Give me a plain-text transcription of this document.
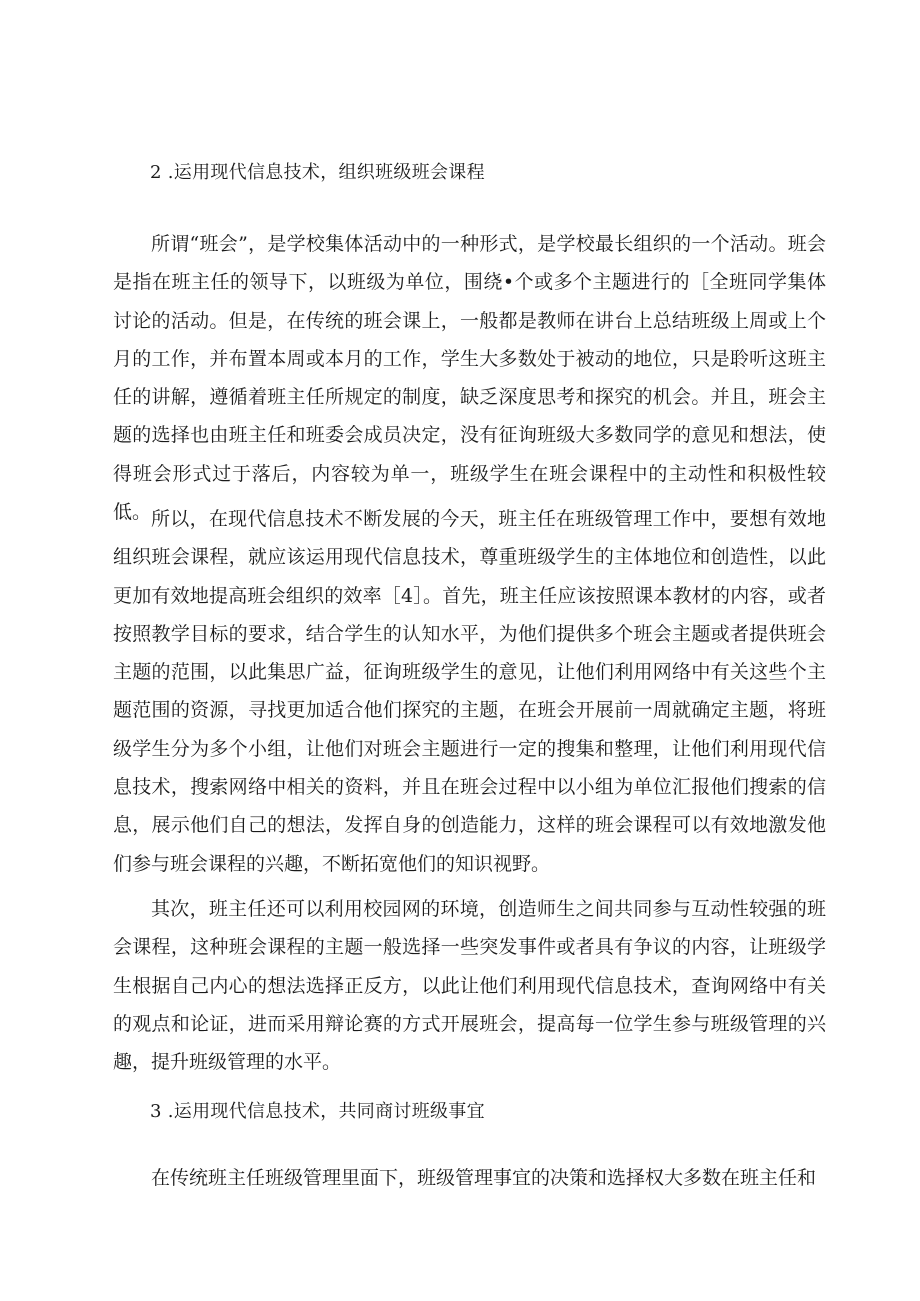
2 .运用现代信息技术，组织班级班会课程

所谓“班会”，是学校集体活动中的一种形式，是学校最长组织的一个活动。班会是指在班主任的领导下，以班级为单位，围绕•个或多个主题进行的［全班同学集体讨论的活动。但是，在传统的班会课上，一般都是教师在讲台上总结班级上周或上个月的工作，并布置本周或本月的工作，学生大多数处于被动的地位，只是聆听这班主任的讲解，遵循着班主任所规定的制度，缺乏深度思考和探究的机会。并且，班会主题的选择也由班主任和班委会成员决定，没有征询班级大多数同学的意见和想法，使得班会形式过于落后，内容较为单一，班级学生在班会课程中的主动性和积极性较低。 所以，在现代信息技术不断发展的今天，班主任在班级管理工作中，要想有效地组织班会课程，就应该运用现代信息技术，尊重班级学生的主体地位和创造性，以此更加有效地提高班会组织的效率［4］。首先，班主任应该按照课本教材的内容，或者按照教学目标的要求，结合学生的认知水平，为他们提供多个班会主题或者提供班会主题的范围，以此集思广益，征询班级学生的意见，让他们利用网络中有关这些个主题范围的资源，寻找更加适合他们探究的主题，在班会开展前一周就确定主题，将班级学生分为多个小组，让他们对班会主题进行一定的搜集和整理，让他们利用现代信息技术，搜索网络中相关的资料，并且在班会过程中以小组为单位汇报他们搜索的信息，展示他们自己的想法，发挥自身的创造能力，这样的班会课程可以有效地激发他们参与班会课程的兴趣，不断拓宽他们的知识视野。

其次，班主任还可以利用校园网的环境，创造师生之间共同参与互动性较强的班会课程，这种班会课程的主题一般选择一些突发事件或者具有争议的内容，让班级学生根据自己内心的想法选择正反方，以此让他们利用现代信息技术，查询网络中有关的观点和论证，进而采用辩论赛的方式开展班会，提高每一位学生参与班级管理的兴趣，提升班级管理的水平。

3 .运用现代信息技术，共同商讨班级事宜

在传统班主任班级管理里面下，班级管理事宜的决策和选择权大多数在班主任和
